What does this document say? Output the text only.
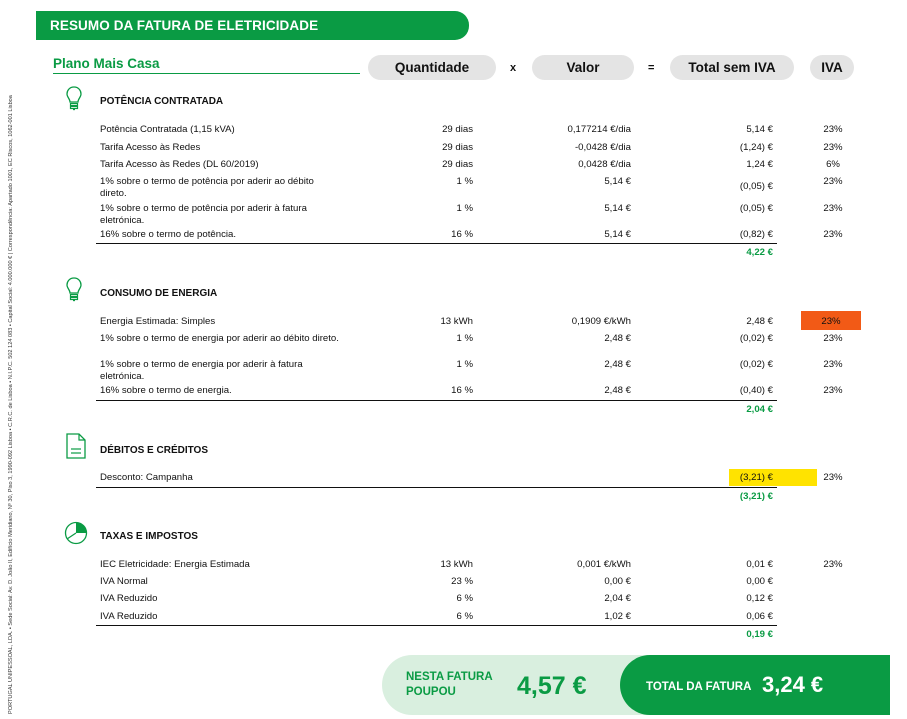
PORTUGAL UNIPESSOAL, LDA. • Sede Social: Av. D. João II, Edifício Meridiano, Nº 30, Piso 3, 1990-092 Lisboa • C.R.C. de Lisboa • N.I.P.C. 502 124 083 • Capital Social: 4.000.000 € | Correspondência: Apartado 1001, EC Riscos, 1062-001 Lisboa
RESUMO DA FATURA DE ELETRICIDADE
Plano Mais Casa	Quantidade	x	Valor	=	Total sem IVA	IVA
POTÊNCIA CONTRATADA
Potência Contratada (1,15 kVA)	29 dias	0,177214 €/dia	5,14 €	23%
Tarifa Acesso às Redes	29 dias	-0,0428 €/dia	(1,24) €	23%
Tarifa Acesso às Redes (DL 60/2019)	29 dias	0,0428 €/dia	1,24 €	6%
1% sobre o termo de potência por aderir ao débito direto.
1 %	5,14 €	(0,05) €	23%
1% sobre o termo de potência por aderir à fatura eletrónica.
1 %	5,14 €	(0,05) €	23%
16% sobre o termo de potência.	16 %	5,14 €	(0,82) €	23%
4,22 €
CONSUMO DE ENERGIA
Energia Estimada: Simples	13 kWh	0,1909 €/kWh	2,48 €	23%
1% sobre o termo de energia por aderir ao débito direto.	1 %	2,48 €	(0,02) €	23%
1% sobre o termo de energia por aderir à fatura eletrónica.
1 %	2,48 €	(0,02) €	23%
16% sobre o termo de energia.	16 %	2,48 €	(0,40) €	23%
2,04 €
DÉBITOS E CRÉDITOS
Desconto: Campanha	(3,21) €	23%
(3,21) €
TAXAS E IMPOSTOS
IEC Eletricidade: Energia Estimada	13 kWh	0,001 €/kWh	0,01 €	23%
IVA Normal	23 %	0,00 €	0,00 €
IVA Reduzido	6 %	2,04 €	0,12 €
IVA Reduzido	6 %	1,02 €	0,06 €
0,19 €
NESTA FATURA POUPOU	4,57 €	TOTAL DA FATURA 3,24 €
